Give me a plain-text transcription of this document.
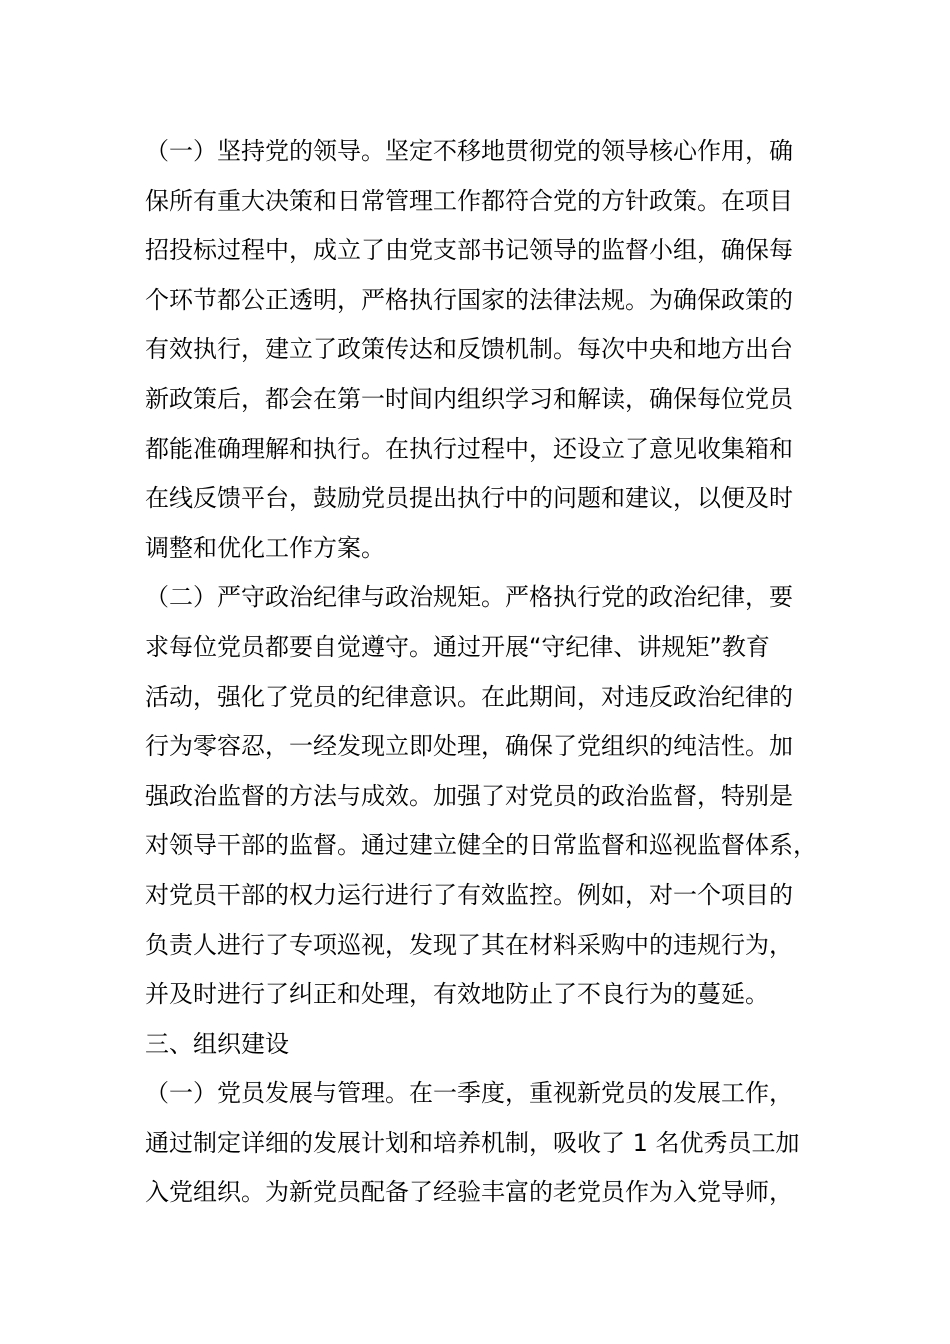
（一）坚持党的领导。坚定不移地贯彻党的领导核心作用，确
保所有重大决策和日常管理工作都符合党的方针政策。在项目
招投标过程中，成立了由党支部书记领导的监督小组，确保每
个环节都公正透明，严格执行国家的法律法规。为确保政策的
有效执行，建立了政策传达和反馈机制。每次中央和地方出台
新政策后，都会在第一时间内组织学习和解读，确保每位党员
都能准确理解和执行。在执行过程中，还设立了意见收集箱和
在线反馈平台，鼓励党员提出执行中的问题和建议，以便及时
调整和优化工作方案。
（二）严守政治纪律与政治规矩。严格执行党的政治纪律，要
求每位党员都要自觉遵守。通过开展“守纪律、讲规矩”教育
活动，强化了党员的纪律意识。在此期间，对违反政治纪律的
行为零容忍，一经发现立即处理，确保了党组织的纯洁性。加
强政治监督的方法与成效。加强了对党员的政治监督，特别是
对领导干部的监督。通过建立健全的日常监督和巡视监督体系，
对党员干部的权力运行进行了有效监控。例如，对一个项目的
负责人进行了专项巡视，发现了其在材料采购中的违规行为，
并及时进行了纠正和处理，有效地防止了不良行为的蔓延。
三、组织建设
（一）党员发展与管理。在一季度，重视新党员的发展工作，
通过制定详细的发展计划和培养机制，吸收了 1 名优秀员工加
入党组织。为新党员配备了经验丰富的老党员作为入党导师，
